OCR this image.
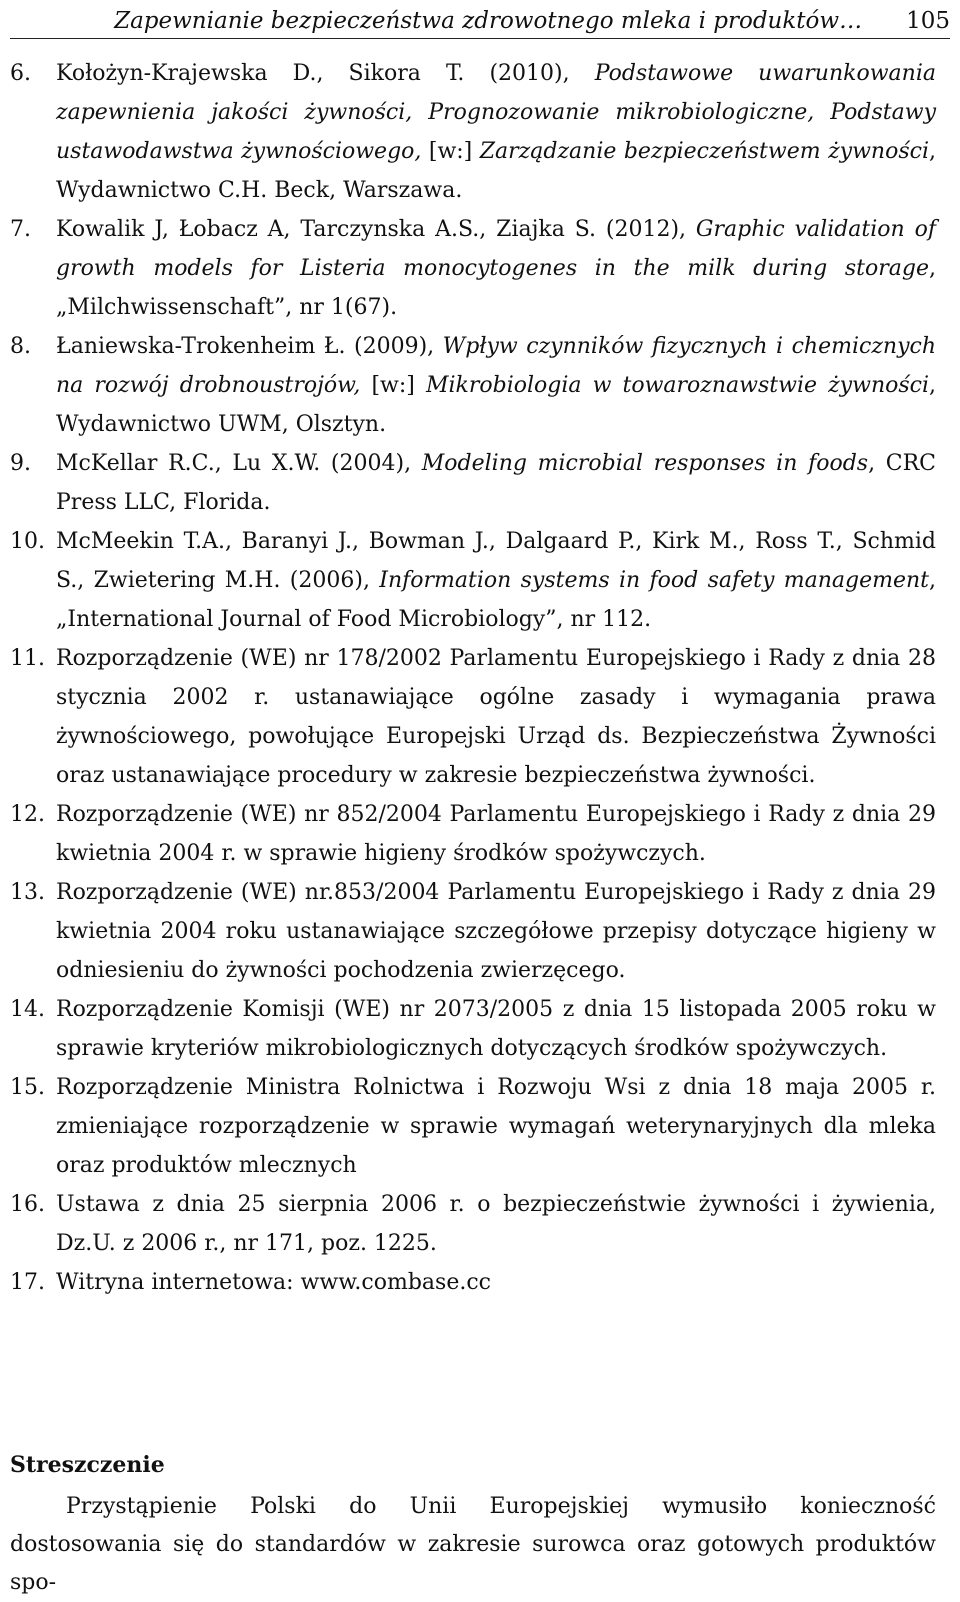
Zapewnianie bezpieczeństwa zdrowotnego mleka i produktów… 105
6.	Kołożyn-Krajewska D., Sikora T. (2010), Podstawowe uwarunkowania zapewnienia jakości żywności, Prognozowanie mikrobiologiczne, Podstawy ustawodawstwa żywnościowego, [w:] Zarządzanie bezpieczeństwem żywności, Wydawnictwo C.H. Beck, Warszawa.
7.	Kowalik J, Łobacz A, Tarczynska A.S., Ziajka S. (2012), Graphic validation of growth models for Listeria monocytogenes in the milk during storage, „Milchwissenschaft”, nr 1(67).
8.	Łaniewska-Trokenheim Ł. (2009), Wpływ czynników fizycznych i chemicznych na rozwój drobnoustrojów, [w:] Mikrobiologia w towaroznawstwie żywności, Wydawnictwo UWM, Olsztyn.
9.	McKellar R.C., Lu X.W. (2004), Modeling microbial responses in foods, CRC Press LLC, Florida.
10. McMeekin T.A., Baranyi J., Bowman J., Dalgaard P., Kirk M., Ross T., Schmid S., Zwietering M.H. (2006), Information systems in food safety management, „International Journal of Food Microbiology”, nr 112.
11. Rozporządzenie (WE) nr 178/2002 Parlamentu Europejskiego i Rady z dnia 28 stycznia 2002 r. ustanawiające ogólne zasady i wymagania prawa żywnościowego, powołujące Europejski Urząd ds. Bezpieczeństwa Żywności oraz ustanawiające procedury w zakresie bezpieczeństwa żywności.
12. Rozporządzenie (WE) nr 852/2004 Parlamentu Europejskiego i Rady z dnia 29 kwietnia 2004 r. w sprawie higieny środków spożywczych.
13. Rozporządzenie (WE) nr.853/2004 Parlamentu Europejskiego i Rady z dnia 29 kwietnia 2004 roku ustanawiające szczegółowe przepisy dotyczące higieny w odniesieniu do żywności pochodzenia zwierzęcego.
14. Rozporządzenie Komisji (WE) nr 2073/2005 z dnia 15 listopada 2005 roku w sprawie kryteriów mikrobiologicznych dotyczących środków spożywczych.
15. Rozporządzenie Ministra Rolnictwa i Rozwoju Wsi z dnia 18 maja 2005 r. zmieniające rozporządzenie w sprawie wymagań weterynaryjnych dla mleka oraz produktów mlecznych
16. Ustawa z dnia 25 sierpnia 2006 r. o bezpieczeństwie żywności i żywienia, Dz.U. z 2006 r., nr 171, poz. 1225.
17. Witryna internetowa: www.combase.cc
Streszczenie
Przystąpienie Polski do Unii Europejskiej wymusiło konieczność dostosowania się do standardów w zakresie surowca oraz gotowych produktów spo-
